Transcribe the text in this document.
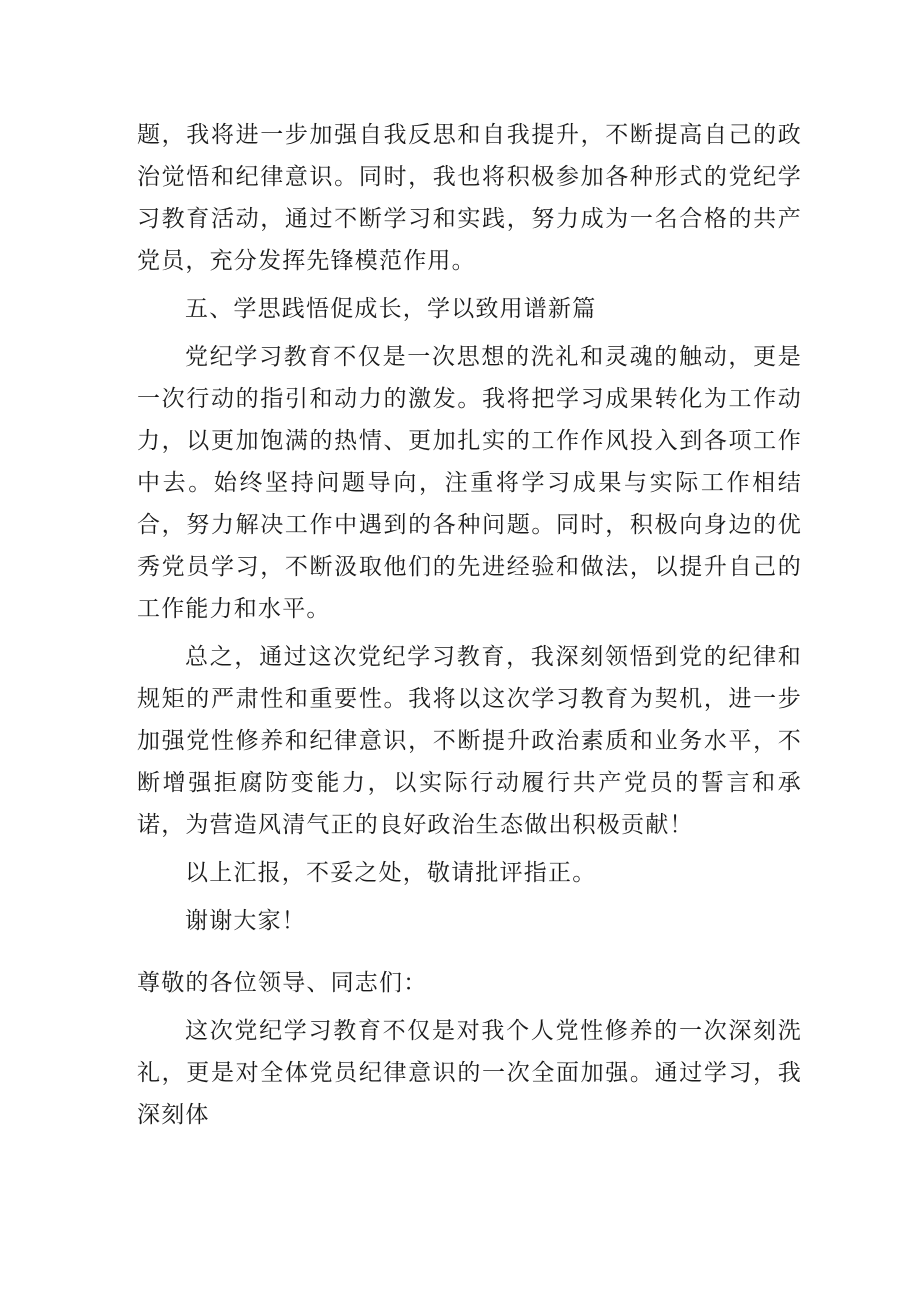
题，我将进一步加强自我反思和自我提升，不断提高自己的政治觉悟和纪律意识。同时，我也将积极参加各种形式的党纪学习教育活动，通过不断学习和实践，努力成为一名合格的共产党员，充分发挥先锋模范作用。

五、学思践悟促成长，学以致用谱新篇

党纪学习教育不仅是一次思想的洗礼和灵魂的触动，更是一次行动的指引和动力的激发。我将把学习成果转化为工作动力，以更加饱满的热情、更加扎实的工作作风投入到各项工作中去。始终坚持问题导向，注重将学习成果与实际工作相结合，努力解决工作中遇到的各种问题。同时，积极向身边的优秀党员学习，不断汲取他们的先进经验和做法，以提升自己的工作能力和水平。

总之，通过这次党纪学习教育，我深刻领悟到党的纪律和规矩的严肃性和重要性。我将以这次学习教育为契机，进一步加强党性修养和纪律意识，不断提升政治素质和业务水平，不断增强拒腐防变能力，以实际行动履行共产党员的誓言和承诺，为营造风清气正的良好政治生态做出积极贡献！

以上汇报，不妥之处，敬请批评指正。

谢谢大家！

尊敬的各位领导、同志们：

这次党纪学习教育不仅是对我个人党性修养的一次深刻洗礼，更是对全体党员纪律意识的一次全面加强。通过学习，我深刻体
